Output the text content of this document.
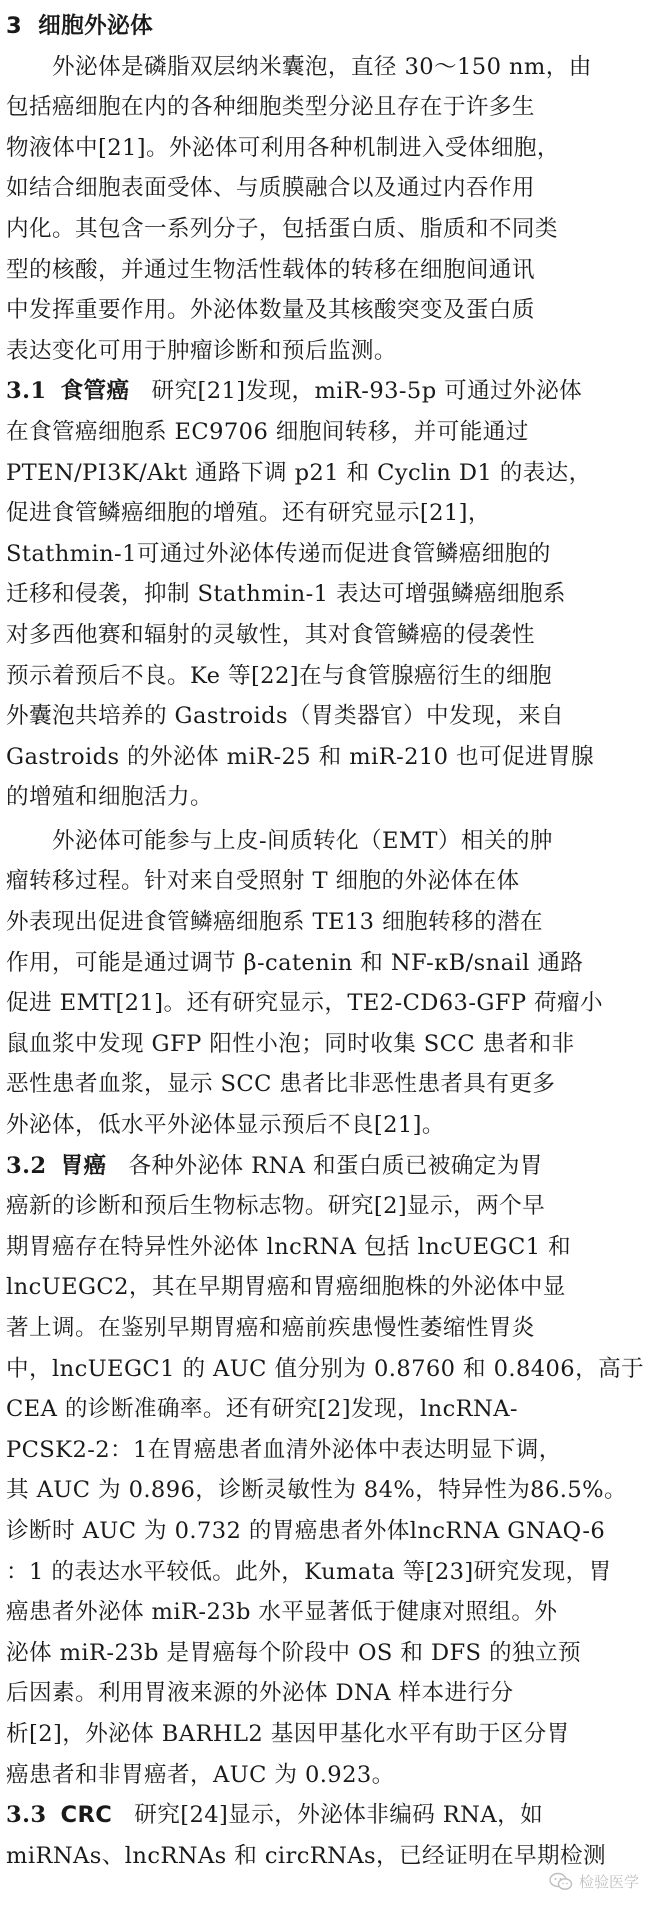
3 细胞外泌体
外泌体是磷脂双层纳米囊泡，直径 30～150 nm，由
包括癌细胞在内的各种细胞类型分泌且存在于许多生
物液体中[21]。外泌体可利用各种机制进入受体细胞，
如结合细胞表面受体、与质膜融合以及通过内吞作用
内化。其包含一系列分子，包括蛋白质、脂质和不同类
型的核酸，并通过生物活性载体的转移在细胞间通讯
中发挥重要作用。外泌体数量及其核酸突变及蛋白质
表达变化可用于肿瘤诊断和预后监测。
3.1 食管癌 研究[21]发现，miR-93-5p 可通过外泌体
在食管癌细胞系 EC9706 细胞间转移，并可能通过
PTEN/PI3K/Akt 通路下调 p21 和 Cyclin D1 的表达，
促进食管鳞癌细胞的增殖。还有研究显示[21]，
Stathmin-1可通过外泌体传递而促进食管鳞癌细胞的
迁移和侵袭，抑制 Stathmin-1 表达可增强鳞癌细胞系
对多西他赛和辐射的灵敏性，其对食管鳞癌的侵袭性
预示着预后不良。Ke 等[22]在与食管腺癌衍生的细胞
外囊泡共培养的 Gastroids（胃类器官）中发现，来自
Gastroids 的外泌体 miR-25 和 miR-210 也可促进胃腺
的增殖和细胞活力。
外泌体可能参与上皮-间质转化（EMT）相关的肿
瘤转移过程。针对来自受照射 T 细胞的外泌体在体
外表现出促进食管鳞癌细胞系 TE13 细胞转移的潜在
作用，可能是通过调节 β-catenin 和 NF-κB/snail 通路
促进 EMT[21]。还有研究显示，TE2-CD63-GFP 荷瘤小
鼠血浆中发现 GFP 阳性小泡；同时收集 SCC 患者和非
恶性患者血浆，显示 SCC 患者比非恶性患者具有更多
外泌体，低水平外泌体显示预后不良[21]。
3.2 胃癌 各种外泌体 RNA 和蛋白质已被确定为胃
癌新的诊断和预后生物标志物。研究[2]显示，两个早
期胃癌存在特异性外泌体 lncRNA 包括 lncUEGC1 和
lncUEGC2，其在早期胃癌和胃癌细胞株的外泌体中显
著上调。在鉴别早期胃癌和癌前疾患慢性萎缩性胃炎
中，lncUEGC1 的 AUC 值分别为 0.8760 和 0.8406，高于
CEA 的诊断准确率。还有研究[2]发现，lncRNA-
PCSK2-2：1在胃癌患者血清外泌体中表达明显下调，
其 AUC 为 0.896，诊断灵敏性为 84%，特异性为86.5%。
诊断时 AUC 为 0.732 的胃癌患者外体lncRNA GNAQ-6
：1 的表达水平较低。此外，Kumata 等[23]研究发现，胃
癌患者外泌体 miR-23b 水平显著低于健康对照组。外
泌体 miR-23b 是胃癌每个阶段中 OS 和 DFS 的独立预
后因素。利用胃液来源的外泌体 DNA 样本进行分
析[2]，外泌体 BARHL2 基因甲基化水平有助于区分胃
癌患者和非胃癌者，AUC 为 0.923。
3.3 CRC 研究[24]显示，外泌体非编码 RNA，如
miRNAs、lncRNAs 和 circRNAs，已经证明在早期检测
检验医学
